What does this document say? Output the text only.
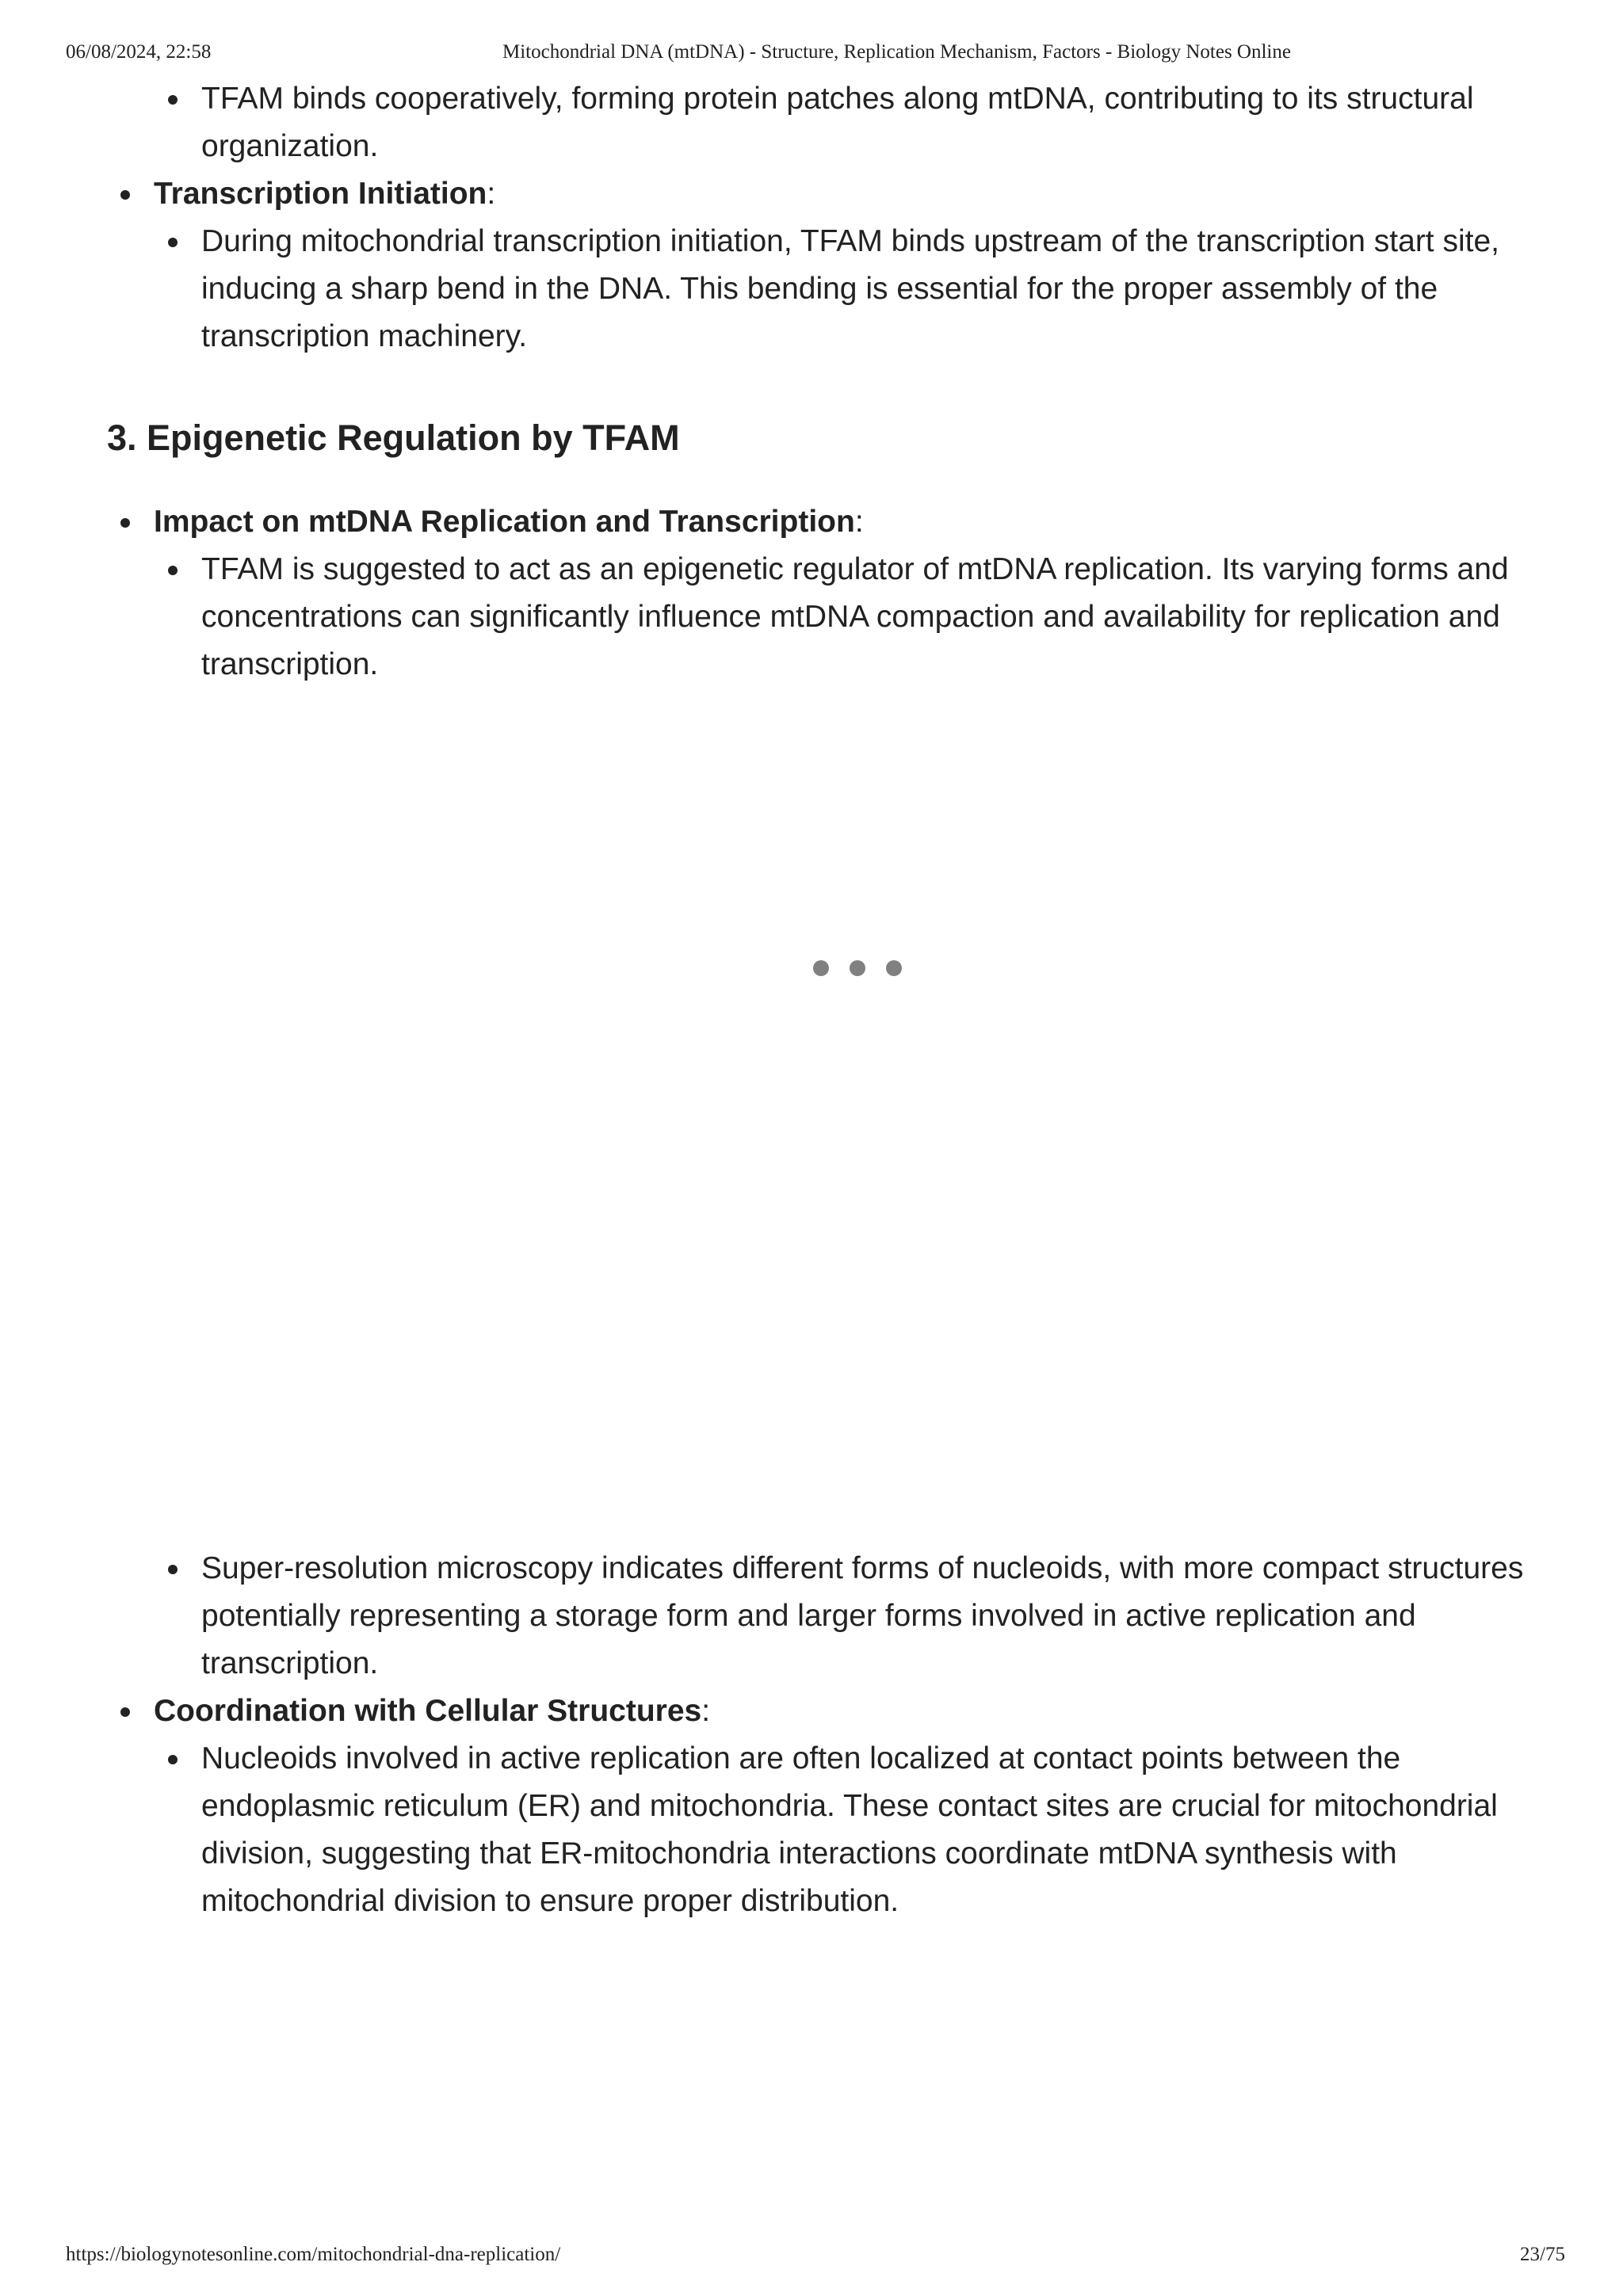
06/08/2024, 22:58	Mitochondrial DNA (mtDNA) - Structure, Replication Mechanism, Factors - Biology Notes Online
TFAM binds cooperatively, forming protein patches along mtDNA, contributing to its structural organization.
Transcription Initiation:
During mitochondrial transcription initiation, TFAM binds upstream of the transcription start site, inducing a sharp bend in the DNA. This bending is essential for the proper assembly of the transcription machinery.
3. Epigenetic Regulation by TFAM
Impact on mtDNA Replication and Transcription:
TFAM is suggested to act as an epigenetic regulator of mtDNA replication. Its varying forms and concentrations can significantly influence mtDNA compaction and availability for replication and transcription.
Super-resolution microscopy indicates different forms of nucleoids, with more compact structures potentially representing a storage form and larger forms involved in active replication and transcription.
Coordination with Cellular Structures:
Nucleoids involved in active replication are often localized at contact points between the endoplasmic reticulum (ER) and mitochondria. These contact sites are crucial for mitochondrial division, suggesting that ER-mitochondria interactions coordinate mtDNA synthesis with mitochondrial division to ensure proper distribution.
https://biologynotesonline.com/mitochondrial-dna-replication/	23/75
